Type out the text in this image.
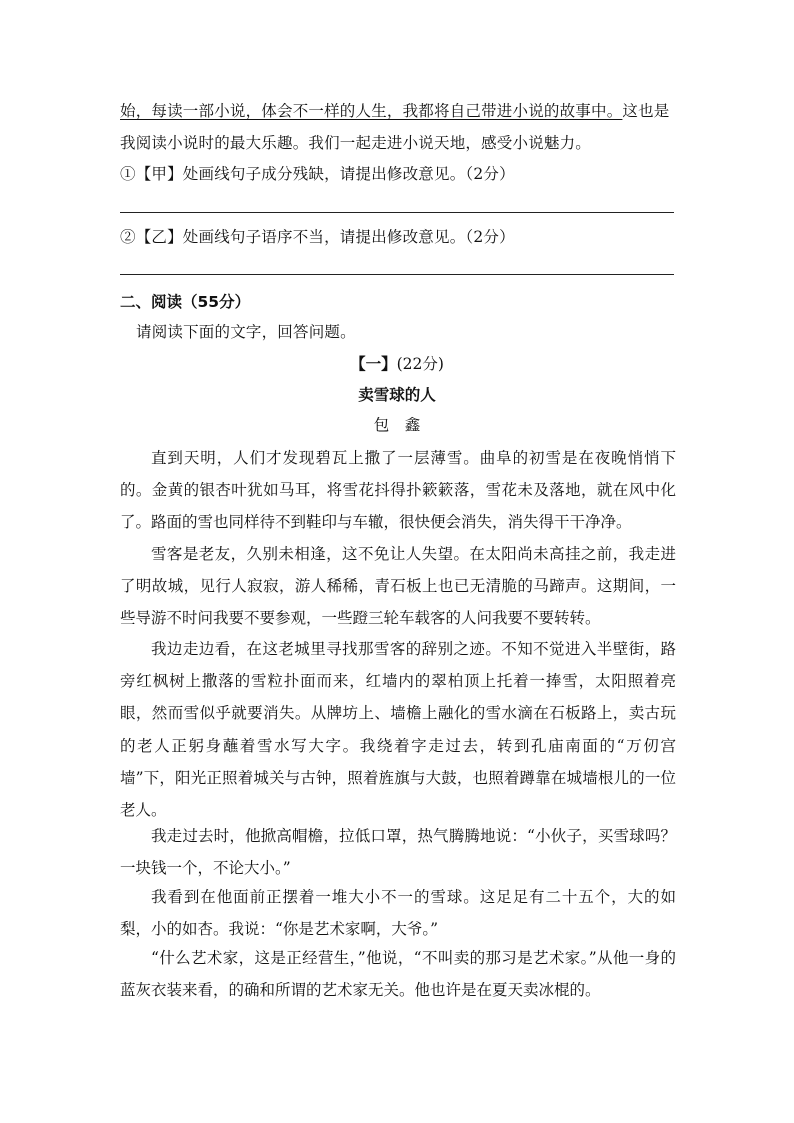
始，每读一部小说，体会不一样的人生，我都将自己带进小说的故事中。这也是
我阅读小说时的最大乐趣。我们一起走进小说天地，感受小说魅力。
①【甲】处画线句子成分残缺，请提出修改意见。（2分）
②【乙】处画线句子语序不当，请提出修改意见。（2分）
二、阅读（55分）
请阅读下面的文字，回答问题。
【一】(22分)
卖雪球的人
包　鑫

直到天明，人们才发现碧瓦上撒了一层薄雪。曲阜的初雪是在夜晚悄悄下的。金黄的银杏叶犹如马耳，将雪花抖得扑簌簌落，雪花未及落地，就在风中化了。路面的雪也同样待不到鞋印与车辙，很快便会消失，消失得干干净净。

雪客是老友，久别未相逢，这不免让人失望。在太阳尚未高挂之前，我走进了明故城，见行人寂寂，游人稀稀，青石板上也已无清脆的马蹄声。这期间，一些导游不时问我要不要参观，一些蹬三轮车载客的人问我要不要转转。

我边走边看，在这老城里寻找那雪客的辞别之迹。不知不觉进入半壁街，路旁红枫树上撒落的雪粒扑面而来，红墙内的翠柏顶上托着一捧雪，太阳照着亮眼，然而雪似乎就要消失。从牌坊上、墙檐上融化的雪水滴在石板路上，卖古玩的老人正躬身蘸着雪水写大字。我绕着字走过去，转到孔庙南面的“万仞宫墙”下，阳光正照着城关与古钟，照着旌旗与大鼓，也照着蹲靠在城墙根儿的一位老人。

我走过去时，他掀高帽檐，拉低口罩，热气腾腾地说：“小伙子，买雪球吗？一块钱一个，不论大小。”

我看到在他面前正摆着一堆大小不一的雪球。这足足有二十五个，大的如梨，小的如杏。我说：“你是艺术家啊，大爷。”

“什么艺术家，这是正经营生，”他说，“不叫卖的那习是艺术家。”从他一身的蓝灰衣装来看，的确和所谓的艺术家无关。他也许是在夏天卖冰棍的。
